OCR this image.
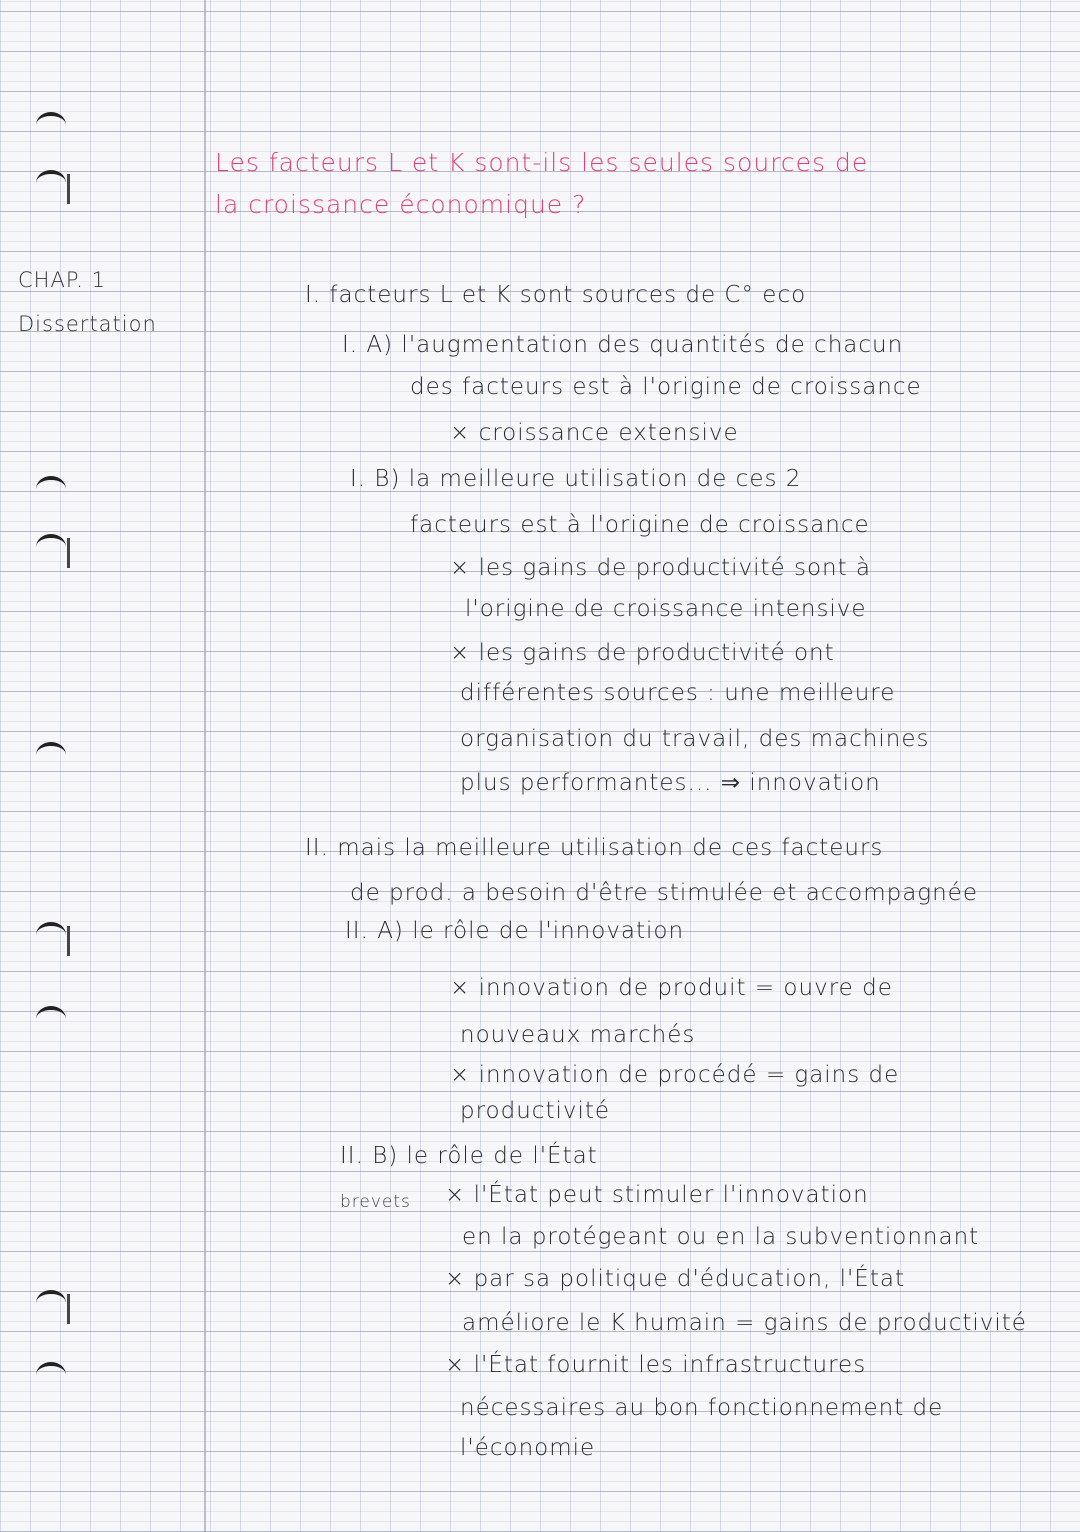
Les facteurs L et K sont-ils les seules sources de
la croissance économique ?
CHAP. 1
Dissertation
brevets
I. facteurs L et K sont sources de C° eco
I. A) l'augmentation des quantités de chacun
des facteurs est à l'origine de croissance
× croissance extensive
I. B) la meilleure utilisation de ces 2
facteurs est à l'origine de croissance
× les gains de productivité sont à
l'origine de croissance intensive
× les gains de productivité ont
différentes sources : une meilleure
organisation du travail, des machines
plus performantes... ⇒ innovation
II. mais la meilleure utilisation de ces facteurs
de prod. a besoin d'être stimulée et accompagnée
II. A) le rôle de l'innovation
× innovation de produit = ouvre de
nouveaux marchés
× innovation de procédé = gains de
productivité
II. B) le rôle de l'État
× l'État peut stimuler l'innovation
en la protégeant ou en la subventionnant
× par sa politique d'éducation, l'État
améliore le K humain = gains de productivité
× l'État fournit les infrastructures
nécessaires au bon fonctionnement de
l'économie
